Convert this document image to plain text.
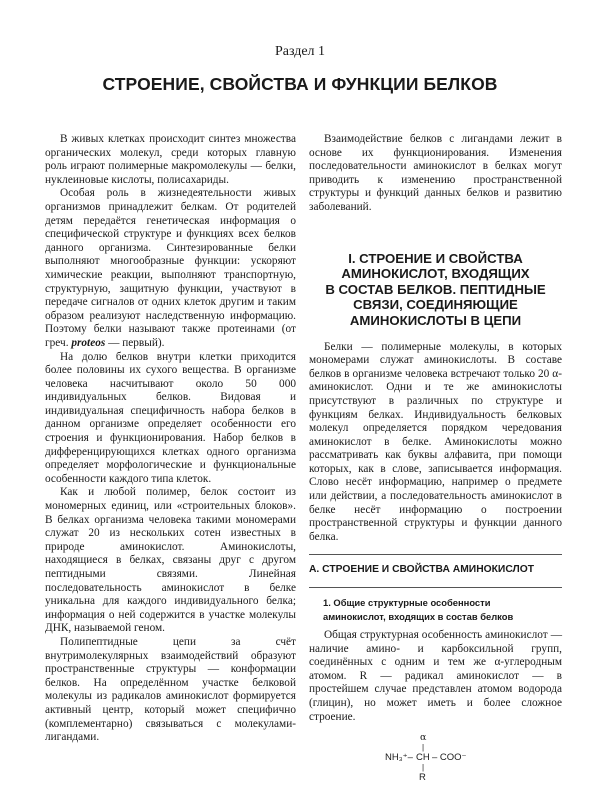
Раздел 1
СТРОЕНИЕ, СВОЙСТВА И ФУНКЦИИ БЕЛКОВ

В живых клетках происходит синтез множества органических молекул, среди которых главную роль играют полимерные макромолекулы — белки, нуклеиновые кислоты, полисахариды.

Особая роль в жизнедеятельности живых организмов принадлежит белкам. От родителей детям передаётся генетическая информация о специфической структуре и функциях всех белков данного организма. Синтезированные белки выполняют многообразные функции: ускоряют химические реакции, выполняют транспортную, структурную, защитную функции, участвуют в передаче сигналов от одних клеток другим и таким образом реализуют наследственную информацию. Поэтому белки называют также протеинами (от греч. proteos — первый).

На долю белков внутри клетки приходится более половины их сухого вещества. В организме человека насчитывают около 50 000 индивидуальных белков. Видовая и индивидуальная специфичность набора белков в данном организме определяет особенности его строения и функционирования. Набор белков в дифференцирующихся клетках одного организма определяет морфологические и функциональные особенности каждого типа клеток.

Как и любой полимер, белок состоит из мономерных единиц, или «строительных блоков». В белках организма человека такими мономерами служат 20 из нескольких сотен известных в природе аминокислот. Аминокислоты, находящиеся в белках, связаны друг с другом пептидными связями. Линейная последовательность аминокислот в белке уникальна для каждого индивидуального белка; информация о ней содержится в участке молекулы ДНК, называемой геном.

Полипептидные цепи за счёт внутримолекулярных взаимодействий образуют пространственные структуры — конформации белков. На определённом участке белковой молекулы из радикалов аминокислот формируется активный центр, который может специфично (комплементарно) связываться с молекулами-лигандами.

Взаимодействие белков с лигандами лежит в основе их функционирования. Изменения последовательности аминокислот в белках могут приводить к изменению пространственной структуры и функций данных белков и развитию заболеваний.

I. СТРОЕНИЕ И СВОЙСТВА
АМИНОКИСЛОТ, ВХОДЯЩИХ
В СОСТАВ БЕЛКОВ. ПЕПТИДНЫЕ
СВЯЗИ, СОЕДИНЯЮЩИЕ
АМИНОКИСЛОТЫ В ЦЕПИ

Белки — полимерные молекулы, в которых мономерами служат аминокислоты. В составе белков в организме человека встречают только 20 α-аминокислот. Одни и те же аминокислоты присутствуют в различных по структуре и функциям белках. Индивидуальность белковых молекул определяется порядком чередования аминокислот в белке. Аминокислоты можно рассматривать как буквы алфавита, при помощи которых, как в слове, записывается информация. Слово несёт информацию, например о предмете или действии, а последовательность аминокислот в белке несёт информацию о построении пространственной структуры и функции данного белка.

А. СТРОЕНИЕ И СВОЙСТВА АМИНОКИСЛОТ
1. Общие структурные особенности
аминокислот, входящих в состав белков

Общая структурная особенность аминокислот — наличие амино- и карбоксильной групп, соединённых с одним и тем же α-углеродным атомом. R — радикал аминокислот — в простейшем случае представлен атомом водорода (глицин), но может иметь и более сложное строение.

α
|
NH₃⁺– CH – COO⁻
|
R
